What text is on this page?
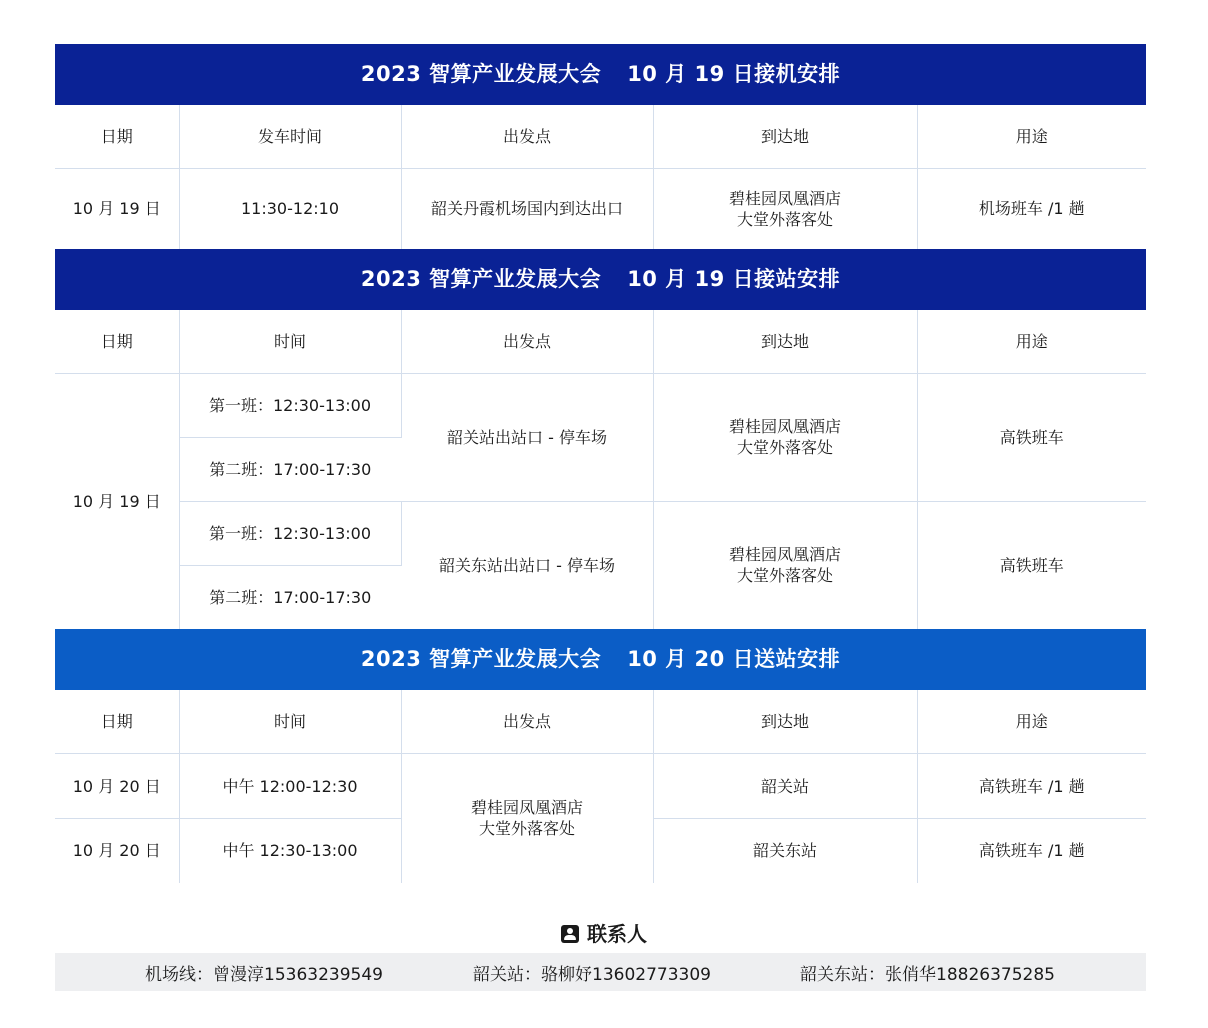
2023 智算产业发展大会 10 月 19 日接机安排				
日期	发车时间	出发点	到达地	用途
10 月 19 日	11:30-12:10	韶关丹霞机场国内到达出口	碧桂园凤凰酒店
大堂外落客处	机场班车 /1 趟
2023 智算产业发展大会 10 月 19 日接站安排				
日期	时间	出发点	到达地	用途
10 月 19 日	第一班：12:30-13:00	韶关站出站口 - 停车场	碧桂园凤凰酒店
大堂外落客处	高铁班车
	第二班：17:00-17:30			
	第一班：12:30-13:00	韶关东站出站口 - 停车场	碧桂园凤凰酒店
大堂外落客处	高铁班车
	第二班：17:00-17:30			
2023 智算产业发展大会 10 月 20 日送站安排				
日期	时间	出发点	到达地	用途
10 月 20 日	中午 12:00-12:30	碧桂园凤凰酒店
大堂外落客处	韶关站	高铁班车 /1 趟
10 月 20 日	中午 12:30-13:00		韶关东站	高铁班车 /1 趟
联系人
机场线：曾漫淳15363239549	韶关站：骆柳妤13602773309	韶关东站：张俏华18826375285
